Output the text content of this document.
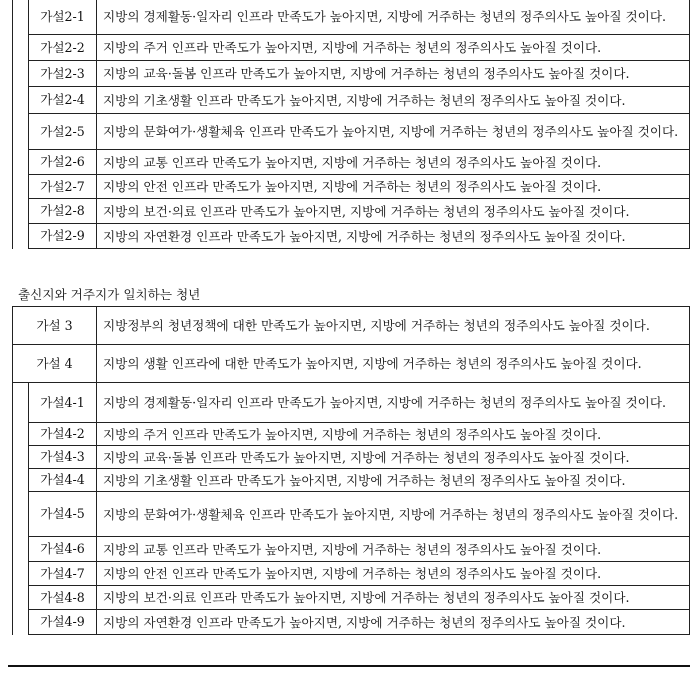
	가설2-1	지방의 경제활동·일자리 인프라 만족도가 높아지면, 지방에 거주하는 청년의 정주의사도 높아질 것이다.
	가설2-2	지방의 주거 인프라 만족도가 높아지면, 지방에 거주하는 청년의 정주의사도 높아질 것이다.
	가설2-3	지방의 교육·돌봄 인프라 만족도가 높아지면, 지방에 거주하는 청년의 정주의사도 높아질 것이다.
	가설2-4	지방의 기초생활 인프라 만족도가 높아지면, 지방에 거주하는 청년의 정주의사도 높아질 것이다.
	가설2-5	지방의 문화여가·생활체육 인프라 만족도가 높아지면, 지방에 거주하는 청년의 정주의사도 높아질 것이다.
	가설2-6	지방의 교통 인프라 만족도가 높아지면, 지방에 거주하는 청년의 정주의사도 높아질 것이다.
	가설2-7	지방의 안전 인프라 만족도가 높아지면, 지방에 거주하는 청년의 정주의사도 높아질 것이다.
	가설2-8	지방의 보건·의료 인프라 만족도가 높아지면, 지방에 거주하는 청년의 정주의사도 높아질 것이다.
	가설2-9	지방의 자연환경 인프라 만족도가 높아지면, 지방에 거주하는 청년의 정주의사도 높아질 것이다.
출신지와 거주지가 일치하는 청년
가설 3		지방정부의 청년정책에 대한 만족도가 높아지면, 지방에 거주하는 청년의 정주의사도 높아질 것이다.
가설 4		지방의 생활 인프라에 대한 만족도가 높아지면, 지방에 거주하는 청년의 정주의사도 높아질 것이다.
	가설4-1	지방의 경제활동·일자리 인프라 만족도가 높아지면, 지방에 거주하는 청년의 정주의사도 높아질 것이다.
	가설4-2	지방의 주거 인프라 만족도가 높아지면, 지방에 거주하는 청년의 정주의사도 높아질 것이다.
	가설4-3	지방의 교육·돌봄 인프라 만족도가 높아지면, 지방에 거주하는 청년의 정주의사도 높아질 것이다.
	가설4-4	지방의 기초생활 인프라 만족도가 높아지면, 지방에 거주하는 청년의 정주의사도 높아질 것이다.
	가설4-5	지방의 문화여가·생활체육 인프라 만족도가 높아지면, 지방에 거주하는 청년의 정주의사도 높아질 것이다.
	가설4-6	지방의 교통 인프라 만족도가 높아지면, 지방에 거주하는 청년의 정주의사도 높아질 것이다.
	가설4-7	지방의 안전 인프라 만족도가 높아지면, 지방에 거주하는 청년의 정주의사도 높아질 것이다.
	가설4-8	지방의 보건·의료 인프라 만족도가 높아지면, 지방에 거주하는 청년의 정주의사도 높아질 것이다.
	가설4-9	지방의 자연환경 인프라 만족도가 높아지면, 지방에 거주하는 청년의 정주의사도 높아질 것이다.
